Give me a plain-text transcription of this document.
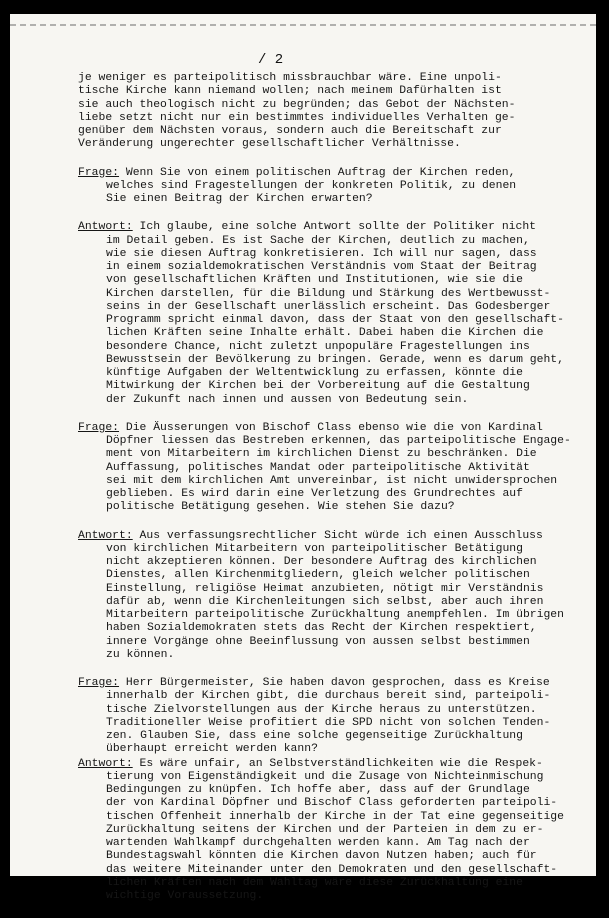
/ 2
je weniger es parteipolitisch missbrauchbar wäre. Eine unpoli-
tische Kirche kann niemand wollen; nach meinem Dafürhalten ist
sie auch theologisch nicht zu begründen; das Gebot der Nächsten-
liebe setzt nicht nur ein bestimmtes individuelles Verhalten ge-
genüber dem Nächsten voraus, sondern auch die Bereitschaft zur
Veränderung ungerechter gesellschaftlicher Verhältnisse.
Frage: Wenn Sie von einem politischen Auftrag der Kirchen reden,
welches sind Fragestellungen der konkreten Politik, zu denen
Sie einen Beitrag der Kirchen erwarten?
Antwort: Ich glaube, eine solche Antwort sollte der Politiker nicht
im Detail geben. Es ist Sache der Kirchen, deutlich zu machen,
wie sie diesen Auftrag konkretisieren. Ich will nur sagen, dass
in einem sozialdemokratischen Verständnis vom Staat der Beitrag
von gesellschaftlichen Kräften und Institutionen, wie sie die
Kirchen darstellen, für die Bildung und Stärkung des Wertbewusst-
seins in der Gesellschaft unerlässlich erscheint. Das Godesberger
Programm spricht einmal davon, dass der Staat von den gesellschaft-
lichen Kräften seine Inhalte erhält. Dabei haben die Kirchen die
besondere Chance, nicht zuletzt unpopuläre Fragestellungen ins
Bewusstsein der Bevölkerung zu bringen. Gerade, wenn es darum geht,
künftige Aufgaben der Weltentwicklung zu erfassen, könnte die
Mitwirkung der Kirchen bei der Vorbereitung auf die Gestaltung
der Zukunft nach innen und aussen von Bedeutung sein.
Frage: Die Äusserungen von Bischof Class ebenso wie die von Kardinal
Döpfner liessen das Bestreben erkennen, das parteipolitische Engage-
ment von Mitarbeitern im kirchlichen Dienst zu beschränken. Die
Auffassung, politisches Mandat oder parteipolitische Aktivität
sei mit dem kirchlichen Amt unvereinbar, ist nicht unwidersprochen
geblieben. Es wird darin eine Verletzung des Grundrechtes auf
politische Betätigung gesehen. Wie stehen Sie dazu?
Antwort: Aus verfassungsrechtlicher Sicht würde ich einen Ausschluss
von kirchlichen Mitarbeitern von parteipolitischer Betätigung
nicht akzeptieren können. Der besondere Auftrag des kirchlichen
Dienstes, allen Kirchenmitgliedern, gleich welcher politischen
Einstellung, religiöse Heimat anzubieten, nötigt mir Verständnis
dafür ab, wenn die Kirchenleitungen sich selbst, aber auch ihren
Mitarbeitern parteipolitische Zurückhaltung anempfehlen. Im übrigen
haben Sozialdemokraten stets das Recht der Kirchen respektiert,
innere Vorgänge ohne Beeinflussung von aussen selbst bestimmen
zu können.
Frage: Herr Bürgermeister, Sie haben davon gesprochen, dass es Kreise
innerhalb der Kirchen gibt, die durchaus bereit sind, parteipoli-
tische Zielvorstellungen aus der Kirche heraus zu unterstützen.
Traditioneller Weise profitiert die SPD nicht von solchen Tenden-
zen. Glauben Sie, dass eine solche gegenseitige Zurückhaltung
überhaupt erreicht werden kann?
Antwort: Es wäre unfair, an Selbstverständlichkeiten wie die Respek-
tierung von Eigenständigkeit und die Zusage von Nichteinmischung
Bedingungen zu knüpfen. Ich hoffe aber, dass auf der Grundlage
der von Kardinal Döpfner und Bischof Class geforderten parteipoli-
tischen Offenheit innerhalb der Kirche in der Tat eine gegenseitige
Zurückhaltung seitens der Kirchen und der Parteien in dem zu er-
wartenden Wahlkampf durchgehalten werden kann. Am Tag nach der
Bundestagswahl könnten die Kirchen davon Nutzen haben; auch für
das weitere Miteinander unter den Demokraten und den gesellschaft-
lichen Kräften nach dem Wahltag wäre diese Zurückhaltung eine
wichtige Voraussetzung.
